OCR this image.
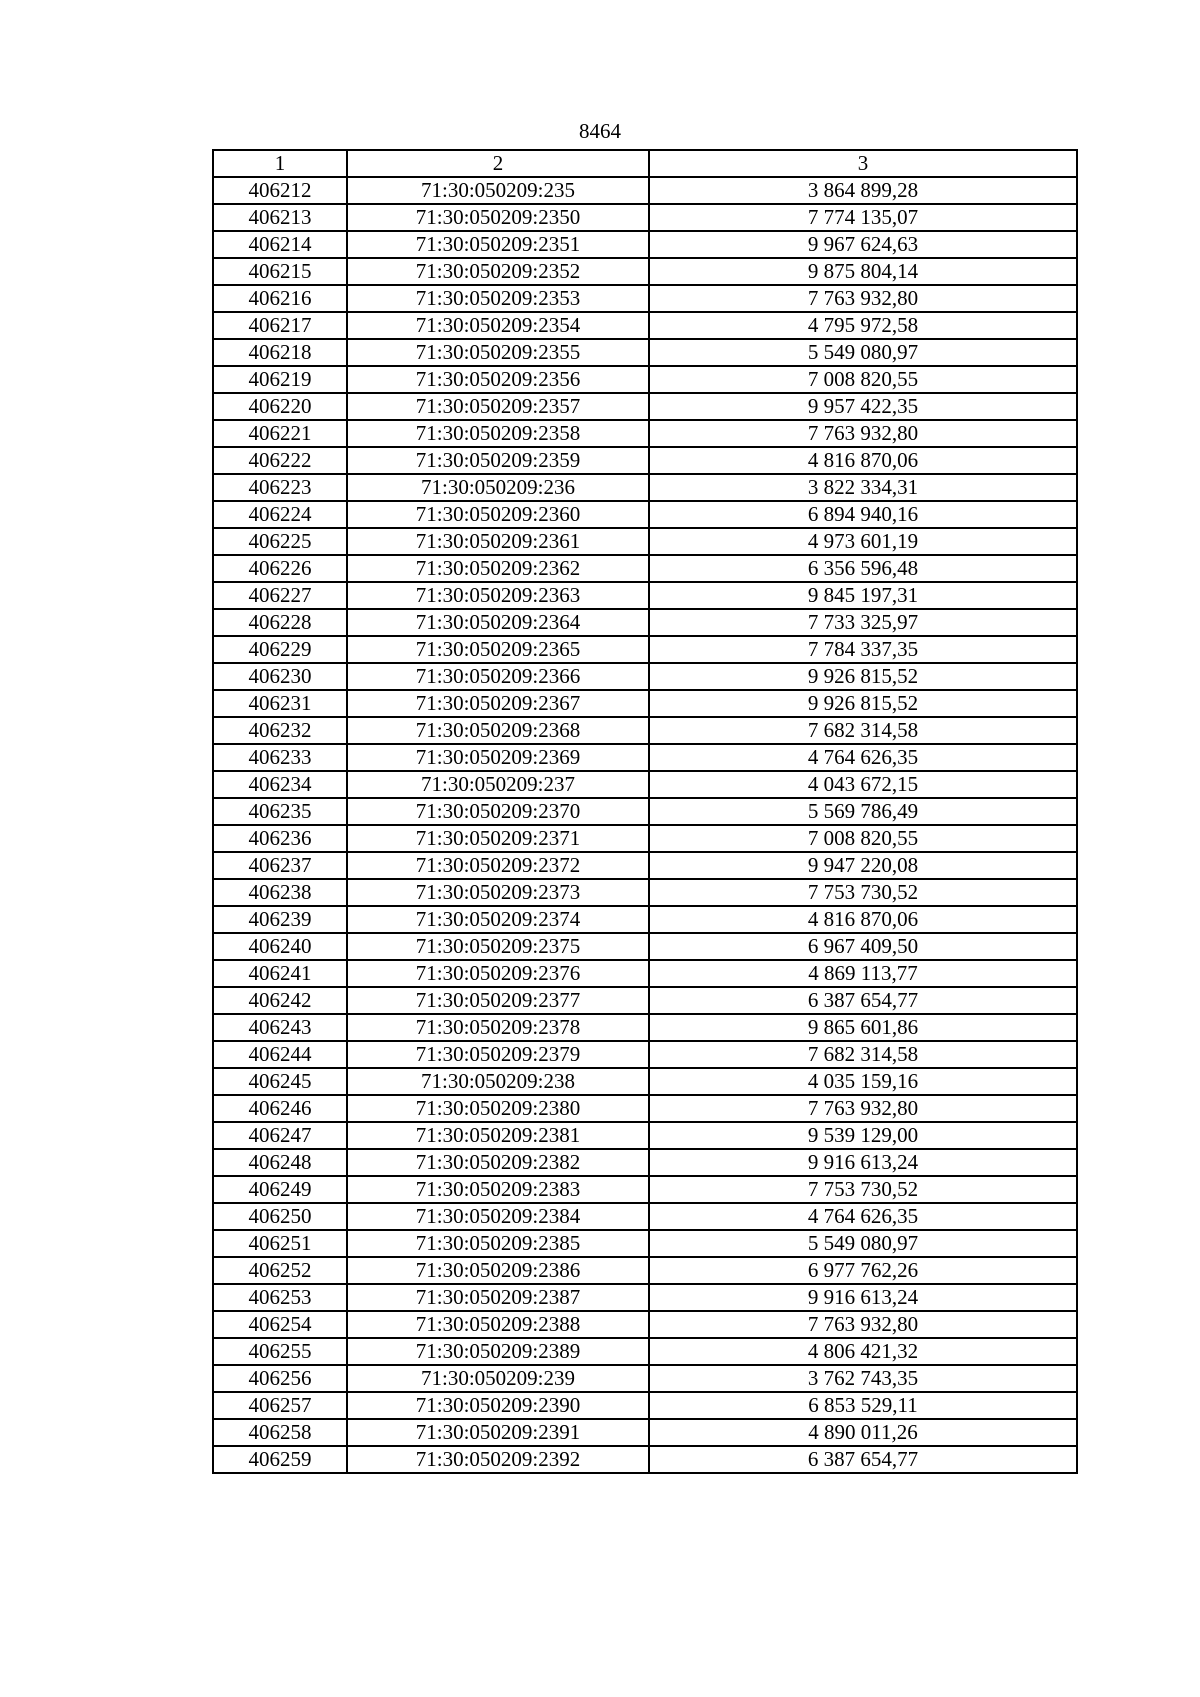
8464
1	2	3
406212	71:30:050209:235	3 864 899,28
406213	71:30:050209:2350	7 774 135,07
406214	71:30:050209:2351	9 967 624,63
406215	71:30:050209:2352	9 875 804,14
406216	71:30:050209:2353	7 763 932,80
406217	71:30:050209:2354	4 795 972,58
406218	71:30:050209:2355	5 549 080,97
406219	71:30:050209:2356	7 008 820,55
406220	71:30:050209:2357	9 957 422,35
406221	71:30:050209:2358	7 763 932,80
406222	71:30:050209:2359	4 816 870,06
406223	71:30:050209:236	3 822 334,31
406224	71:30:050209:2360	6 894 940,16
406225	71:30:050209:2361	4 973 601,19
406226	71:30:050209:2362	6 356 596,48
406227	71:30:050209:2363	9 845 197,31
406228	71:30:050209:2364	7 733 325,97
406229	71:30:050209:2365	7 784 337,35
406230	71:30:050209:2366	9 926 815,52
406231	71:30:050209:2367	9 926 815,52
406232	71:30:050209:2368	7 682 314,58
406233	71:30:050209:2369	4 764 626,35
406234	71:30:050209:237	4 043 672,15
406235	71:30:050209:2370	5 569 786,49
406236	71:30:050209:2371	7 008 820,55
406237	71:30:050209:2372	9 947 220,08
406238	71:30:050209:2373	7 753 730,52
406239	71:30:050209:2374	4 816 870,06
406240	71:30:050209:2375	6 967 409,50
406241	71:30:050209:2376	4 869 113,77
406242	71:30:050209:2377	6 387 654,77
406243	71:30:050209:2378	9 865 601,86
406244	71:30:050209:2379	7 682 314,58
406245	71:30:050209:238	4 035 159,16
406246	71:30:050209:2380	7 763 932,80
406247	71:30:050209:2381	9 539 129,00
406248	71:30:050209:2382	9 916 613,24
406249	71:30:050209:2383	7 753 730,52
406250	71:30:050209:2384	4 764 626,35
406251	71:30:050209:2385	5 549 080,97
406252	71:30:050209:2386	6 977 762,26
406253	71:30:050209:2387	9 916 613,24
406254	71:30:050209:2388	7 763 932,80
406255	71:30:050209:2389	4 806 421,32
406256	71:30:050209:239	3 762 743,35
406257	71:30:050209:2390	6 853 529,11
406258	71:30:050209:2391	4 890 011,26
406259	71:30:050209:2392	6 387 654,77
